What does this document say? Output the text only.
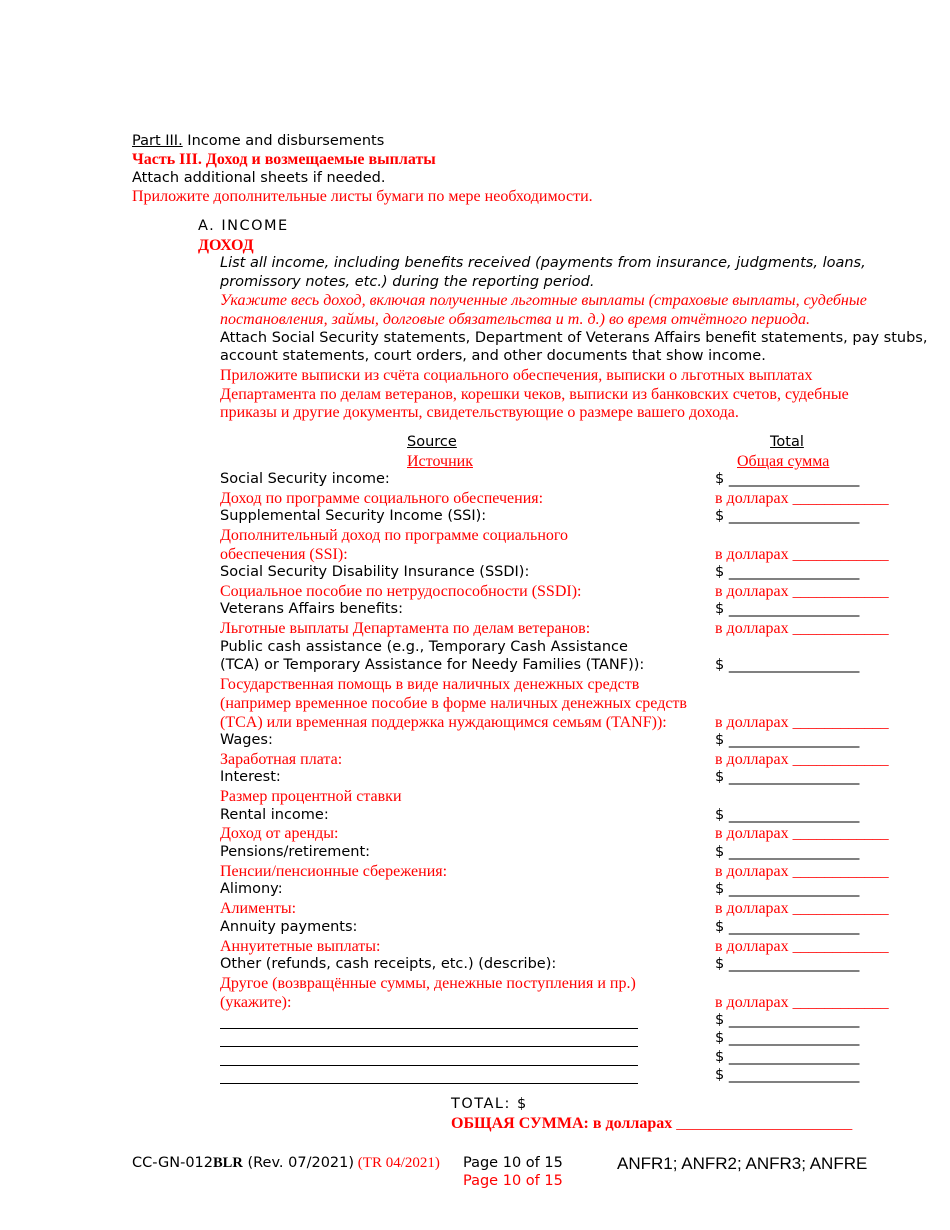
Part III. Income and disbursements
Часть III. Доход и возмещаемые выплаты
Attach additional sheets if needed.
Приложите дополнительные листы бумаги по мере необходимости.
A. INCOME
ДОХОД
List all income, including benefits received (payments from insurance, judgments, loans,
promissory notes, etc.) during the reporting period.
Укажите весь доход, включая полученные льготные выплаты (страховые выплаты, судебные
постановления, займы, долговые обязательства и т. д.) во время отчётного периода.
Attach Social Security statements, Department of Veterans Affairs benefit statements, pay stubs,
account statements, court orders, and other documents that show income.
Приложите выписки из счёта социального обеспечения, выписки о льготных выплатах
Департамента по делам ветеранов, корешки чеков, выписки из банковских счетов, судебные
приказы и другие документы, свидетельствующие о размере вашего дохода.
Source
Источник
Total
Общая сумма
Social Security income:	$ __________________
Доход по программе социального обеспечения:	в долларах ____________
Supplemental Security Income (SSI):	$ __________________
Дополнительный доход по программе социального
обеспечения (SSI):	в долларах ____________
Social Security Disability Insurance (SSDI):	$ __________________
Социальное пособие по нетрудоспособности (SSDI):	в долларах ____________
Veterans Affairs benefits:	$ __________________
Льготные выплаты Департамента по делам ветеранов:	в долларах ____________
Public cash assistance (e.g., Temporary Cash Assistance
(TCA) or Temporary Assistance for Needy Families (TANF)):	$ __________________
Государственная помощь в виде наличных денежных средств
(например временное пособие в форме наличных денежных средств
(TCA) или временная поддержка нуждающимся семьям (TANF)):	в долларах ____________
Wages:	$ __________________
Заработная плата:	в долларах ____________
Interest:	$ __________________
Размер процентной ставки
Rental income:	$ __________________
Доход от аренды:	в долларах ____________
Pensions/retirement:	$ __________________
Пенсии/пенсионные сбережения:	в долларах ____________
Alimony:	$ __________________
Алименты:	в долларах ____________
Annuity payments:	$ __________________
Аннуитетные выплаты:	в долларах ____________
Other (refunds, cash receipts, etc.) (describe):	$ __________________
Другое (возвращённые суммы, денежные поступления и пр.)
(укажите):	в долларах ____________
$ __________________
$ __________________
$ __________________
$ __________________
TOTAL: $
ОБЩАЯ СУММА: в долларах ______________________
CC-GN-012BLR (Rev. 07/2021) (TR 04/2021) Page 10 of 15
Page 10 of 15
ANFR1; ANFR2; ANFR3; ANFRE
